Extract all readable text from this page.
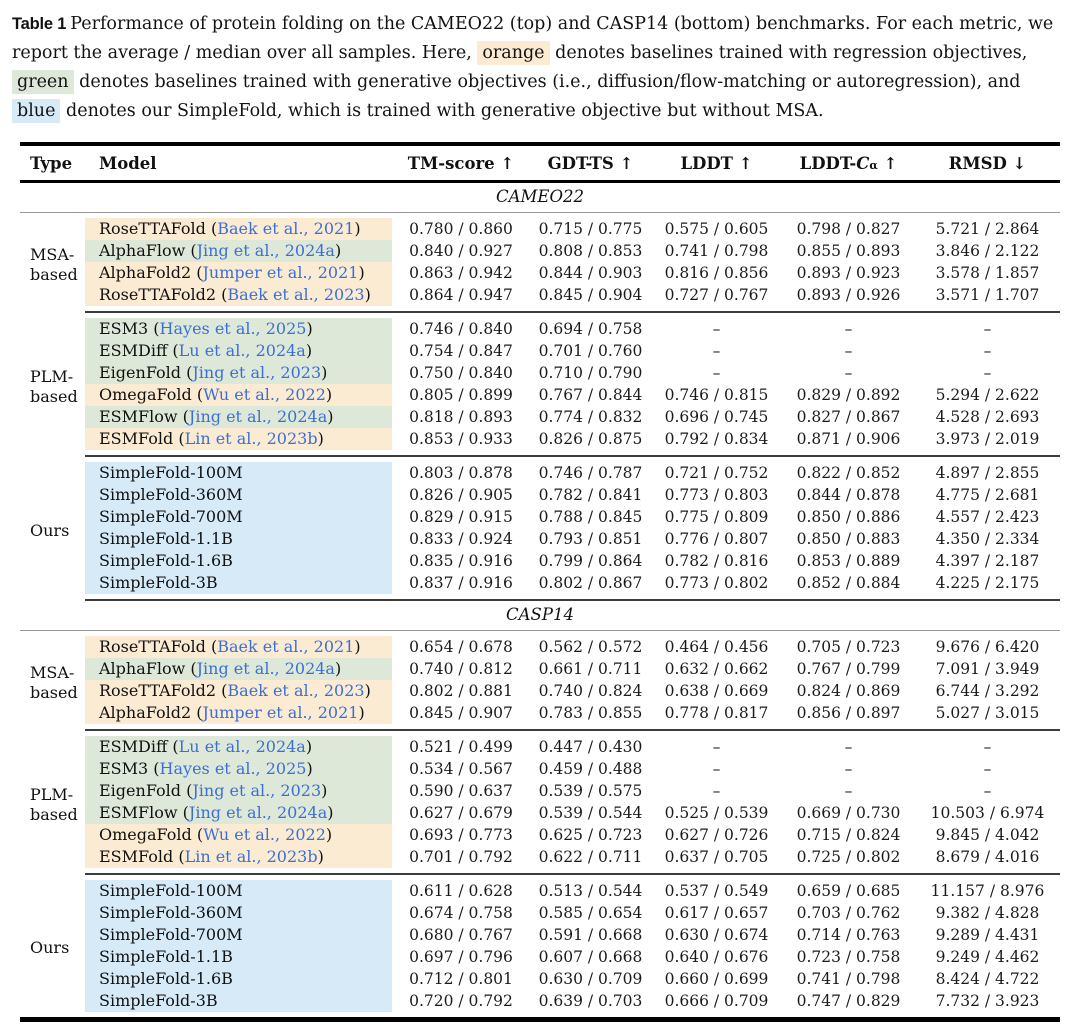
Table 1 Performance of protein folding on the CAMEO22 (top) and CASP14 (bottom) benchmarks. For each metric, we report the average / median over all samples. Here, orange denotes baselines trained with regression objectives, green denotes baselines trained with generative objectives (i.e., diffusion/flow-matching or autoregression), and blue denotes our SimpleFold, which is trained with generative objective but without MSA.

Type	Model	TM-score ↑	GDT-TS ↑	LDDT ↑	LDDT-Cα ↑	RMSD ↓
CAMEO22						
MSA-based	RoseTTAFold (Baek et al., 2021)	0.780 / 0.860	0.715 / 0.775	0.575 / 0.605	0.798 / 0.827	5.721 / 2.864

	AlphaFlow (Jing et al., 2024a)	0.840 / 0.927	0.808 / 0.853	0.741 / 0.798	0.855 / 0.893	3.846 / 2.122

	AlphaFold2 (Jumper et al., 2021)	0.863 / 0.942	0.844 / 0.903	0.816 / 0.856	0.893 / 0.923	3.578 / 1.857

	RoseTTAFold2 (Baek et al., 2023)	0.864 / 0.947	0.845 / 0.904	0.727 / 0.767	0.893 / 0.926	3.571 / 1.707
PLM-based	ESM3 (Hayes et al., 2025)	0.746 / 0.840	0.694 / 0.758	–	–	–

	ESMDiff (Lu et al., 2024a)	0.754 / 0.847	0.701 / 0.760	–	–	–

	EigenFold (Jing et al., 2023)	0.750 / 0.840	0.710 / 0.790	–	–	–

	OmegaFold (Wu et al., 2022)	0.805 / 0.899	0.767 / 0.844	0.746 / 0.815	0.829 / 0.892	5.294 / 2.622

	ESMFlow (Jing et al., 2024a)	0.818 / 0.893	0.774 / 0.832	0.696 / 0.745	0.827 / 0.867	4.528 / 2.693

	ESMFold (Lin et al., 2023b)	0.853 / 0.933	0.826 / 0.875	0.792 / 0.834	0.871 / 0.906	3.973 / 2.019
Ours	SimpleFold-100M	0.803 / 0.878	0.746 / 0.787	0.721 / 0.752	0.822 / 0.852	4.897 / 2.855

	SimpleFold-360M	0.826 / 0.905	0.782 / 0.841	0.773 / 0.803	0.844 / 0.878	4.775 / 2.681

	SimpleFold-700M	0.829 / 0.915	0.788 / 0.845	0.775 / 0.809	0.850 / 0.886	4.557 / 2.423

	SimpleFold-1.1B	0.833 / 0.924	0.793 / 0.851	0.776 / 0.807	0.850 / 0.883	4.350 / 2.334

	SimpleFold-1.6B	0.835 / 0.916	0.799 / 0.864	0.782 / 0.816	0.853 / 0.889	4.397 / 2.187

	SimpleFold-3B	0.837 / 0.916	0.802 / 0.867	0.773 / 0.802	0.852 / 0.884	4.225 / 2.175
CASP14						
MSA-based	RoseTTAFold (Baek et al., 2021)	0.654 / 0.678	0.562 / 0.572	0.464 / 0.456	0.705 / 0.723	9.676 / 6.420

	AlphaFlow (Jing et al., 2024a)	0.740 / 0.812	0.661 / 0.711	0.632 / 0.662	0.767 / 0.799	7.091 / 3.949

	RoseTTAFold2 (Baek et al., 2023)	0.802 / 0.881	0.740 / 0.824	0.638 / 0.669	0.824 / 0.869	6.744 / 3.292

	AlphaFold2 (Jumper et al., 2021)	0.845 / 0.907	0.783 / 0.855	0.778 / 0.817	0.856 / 0.897	5.027 / 3.015
PLM-based	ESMDiff (Lu et al., 2024a)	0.521 / 0.499	0.447 / 0.430	–	–	–

	ESM3 (Hayes et al., 2025)	0.534 / 0.567	0.459 / 0.488	–	–	–

	EigenFold (Jing et al., 2023)	0.590 / 0.637	0.539 / 0.575	–	–	–

	ESMFlow (Jing et al., 2024a)	0.627 / 0.679	0.539 / 0.544	0.525 / 0.539	0.669 / 0.730	10.503 / 6.974

	OmegaFold (Wu et al., 2022)	0.693 / 0.773	0.625 / 0.723	0.627 / 0.726	0.715 / 0.824	9.845 / 4.042

	ESMFold (Lin et al., 2023b)	0.701 / 0.792	0.622 / 0.711	0.637 / 0.705	0.725 / 0.802	8.679 / 4.016
Ours	SimpleFold-100M	0.611 / 0.628	0.513 / 0.544	0.537 / 0.549	0.659 / 0.685	11.157 / 8.976

	SimpleFold-360M	0.674 / 0.758	0.585 / 0.654	0.617 / 0.657	0.703 / 0.762	9.382 / 4.828

	SimpleFold-700M	0.680 / 0.767	0.591 / 0.668	0.630 / 0.674	0.714 / 0.763	9.289 / 4.431

	SimpleFold-1.1B	0.697 / 0.796	0.607 / 0.668	0.640 / 0.676	0.723 / 0.758	9.249 / 4.462

	SimpleFold-1.6B	0.712 / 0.801	0.630 / 0.709	0.660 / 0.699	0.741 / 0.798	8.424 / 4.722

	SimpleFold-3B	0.720 / 0.792	0.639 / 0.703	0.666 / 0.709	0.747 / 0.829	7.732 / 3.923
